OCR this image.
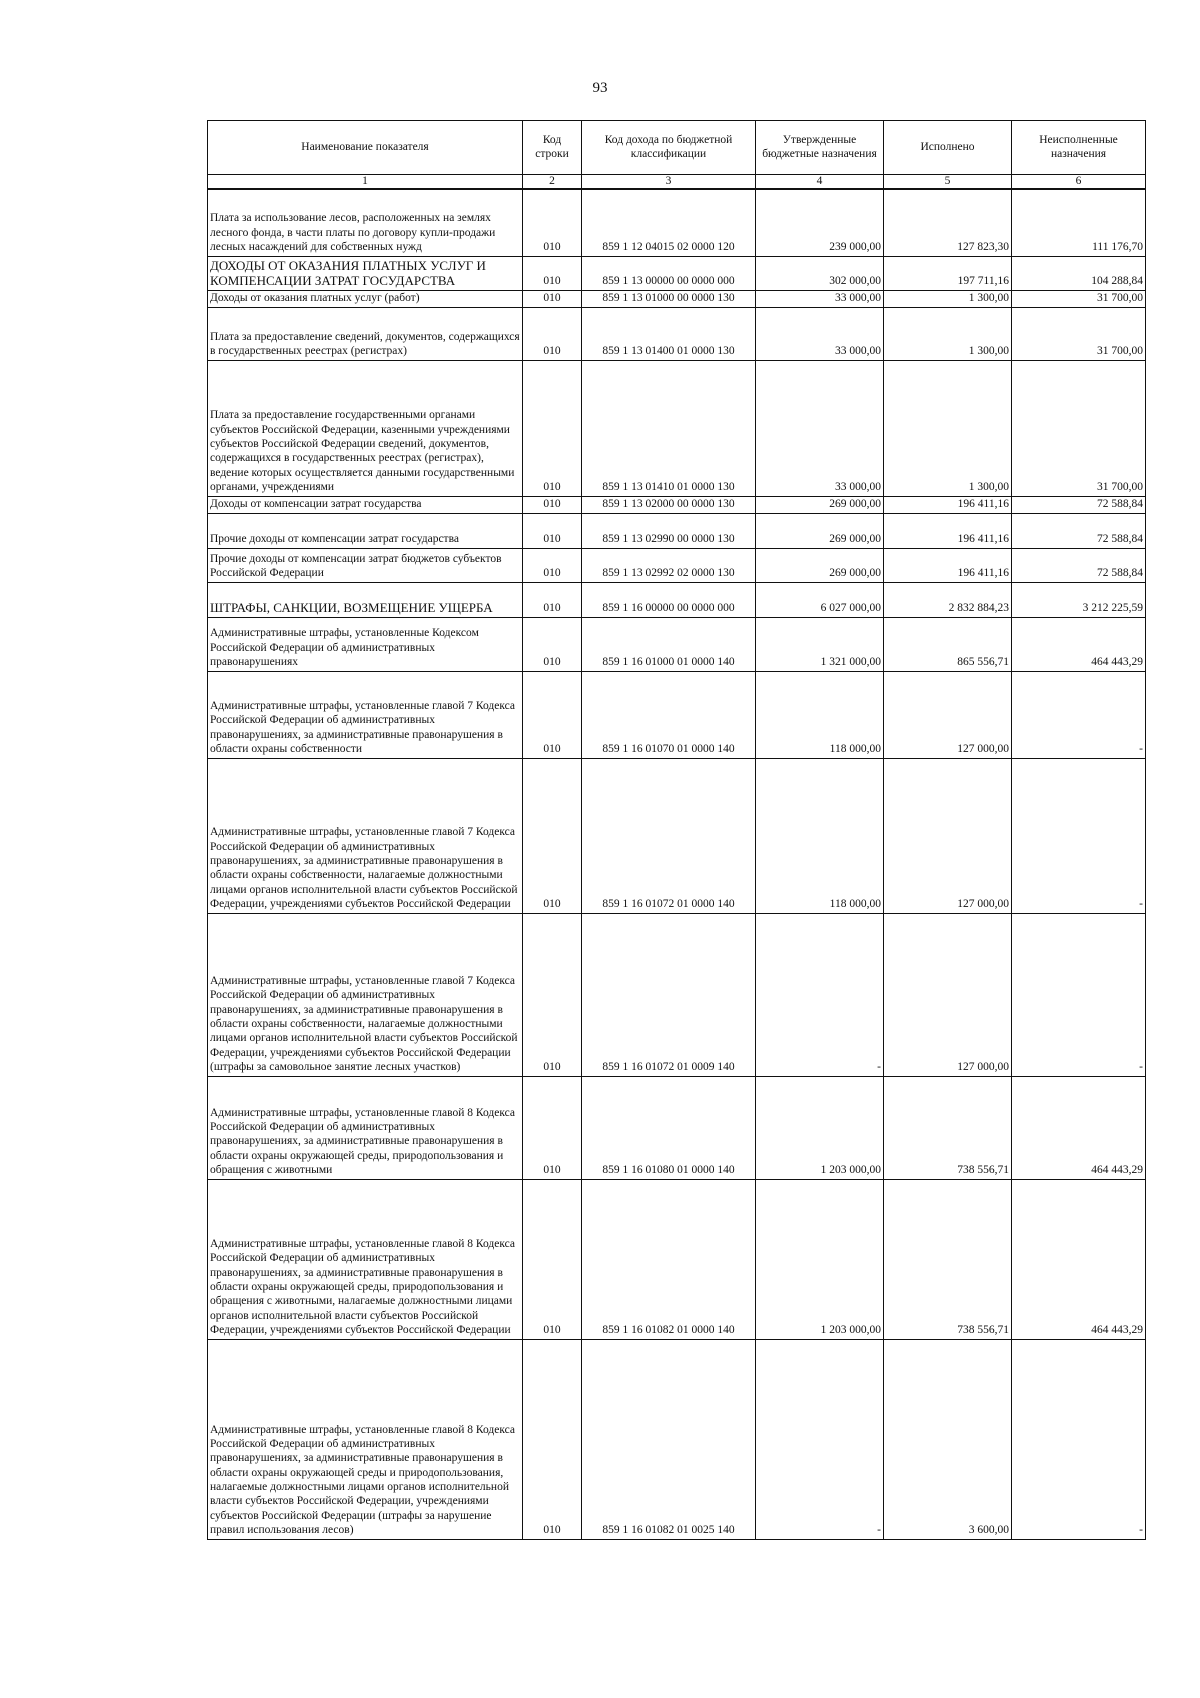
93
Наименование показателя	Код строки	Код дохода по бюджетной классификации	Утвержденные бюджетные назначения	Исполнено	Неисполненные назначения
1	2	3	4	5	6
Плата за использование лесов, расположенных на землях лесного фонда, в части платы по договору купли-продажи лесных насаждений для собственных нужд	010	859 1 12 04015 02 0000 120	239 000,00	127 823,30	111 176,70
ДОХОДЫ ОТ ОКАЗАНИЯ ПЛАТНЫХ УСЛУГ И КОМПЕНСАЦИИ ЗАТРАТ ГОСУДАРСТВА	010	859 1 13 00000 00 0000 000	302 000,00	197 711,16	104 288,84
Доходы от оказания платных услуг (работ)	010	859 1 13 01000 00 0000 130	33 000,00	1 300,00	31 700,00
Плата за предоставление сведений, документов, содержащихся в государственных реестрах (регистрах)	010	859 1 13 01400 01 0000 130	33 000,00	1 300,00	31 700,00
Плата за предоставление государственными органами субъектов Российской Федерации, казенными учреждениями субъектов Российской Федерации сведений, документов, содержащихся в государственных реестрах (регистрах), ведение которых осуществляется данными государственными органами, учреждениями	010	859 1 13 01410 01 0000 130	33 000,00	1 300,00	31 700,00
Доходы от компенсации затрат государства	010	859 1 13 02000 00 0000 130	269 000,00	196 411,16	72 588,84
Прочие доходы от компенсации затрат государства	010	859 1 13 02990 00 0000 130	269 000,00	196 411,16	72 588,84
Прочие доходы от компенсации затрат бюджетов субъектов Российской Федерации	010	859 1 13 02992 02 0000 130	269 000,00	196 411,16	72 588,84
ШТРАФЫ, САНКЦИИ, ВОЗМЕЩЕНИЕ УЩЕРБА	010	859 1 16 00000 00 0000 000	6 027 000,00	2 832 884,23	3 212 225,59
Административные штрафы, установленные Кодексом Российской Федерации об административных правонарушениях	010	859 1 16 01000 01 0000 140	1 321 000,00	865 556,71	464 443,29
Административные штрафы, установленные главой 7 Кодекса Российской Федерации об административных правонарушениях, за административные правонарушения в области охраны собственности	010	859 1 16 01070 01 0000 140	118 000,00	127 000,00	-
Административные штрафы, установленные главой 7 Кодекса Российской Федерации об административных правонарушениях, за административные правонарушения в области охраны собственности, налагаемые должностными лицами органов исполнительной власти субъектов Российской Федерации, учреждениями субъектов Российской Федерации	010	859 1 16 01072 01 0000 140	118 000,00	127 000,00	-
Административные штрафы, установленные главой 7 Кодекса Российской Федерации об административных правонарушениях, за административные правонарушения в области охраны собственности, налагаемые должностными лицами органов исполнительной власти субъектов Российской Федерации, учреждениями субъектов Российской Федерации (штрафы за самовольное занятие лесных участков)	010	859 1 16 01072 01 0009 140	-	127 000,00	-
Административные штрафы, установленные главой 8 Кодекса Российской Федерации об административных правонарушениях, за административные правонарушения в области охраны окружающей среды, природопользования и обращения с животными	010	859 1 16 01080 01 0000 140	1 203 000,00	738 556,71	464 443,29
Административные штрафы, установленные главой 8 Кодекса Российской Федерации об административных правонарушениях, за административные правонарушения в области охраны окружающей среды, природопользования и обращения с животными, налагаемые должностными лицами органов исполнительной власти субъектов Российской Федерации, учреждениями субъектов Российской Федерации	010	859 1 16 01082 01 0000 140	1 203 000,00	738 556,71	464 443,29
Административные штрафы, установленные главой 8 Кодекса Российской Федерации об административных правонарушениях, за административные правонарушения в области охраны окружающей среды и природопользования, налагаемые должностными лицами органов исполнительной власти субъектов Российской Федерации, учреждениями субъектов Российской Федерации (штрафы за нарушение правил использования лесов)	010	859 1 16 01082 01 0025 140	-	3 600,00	-
